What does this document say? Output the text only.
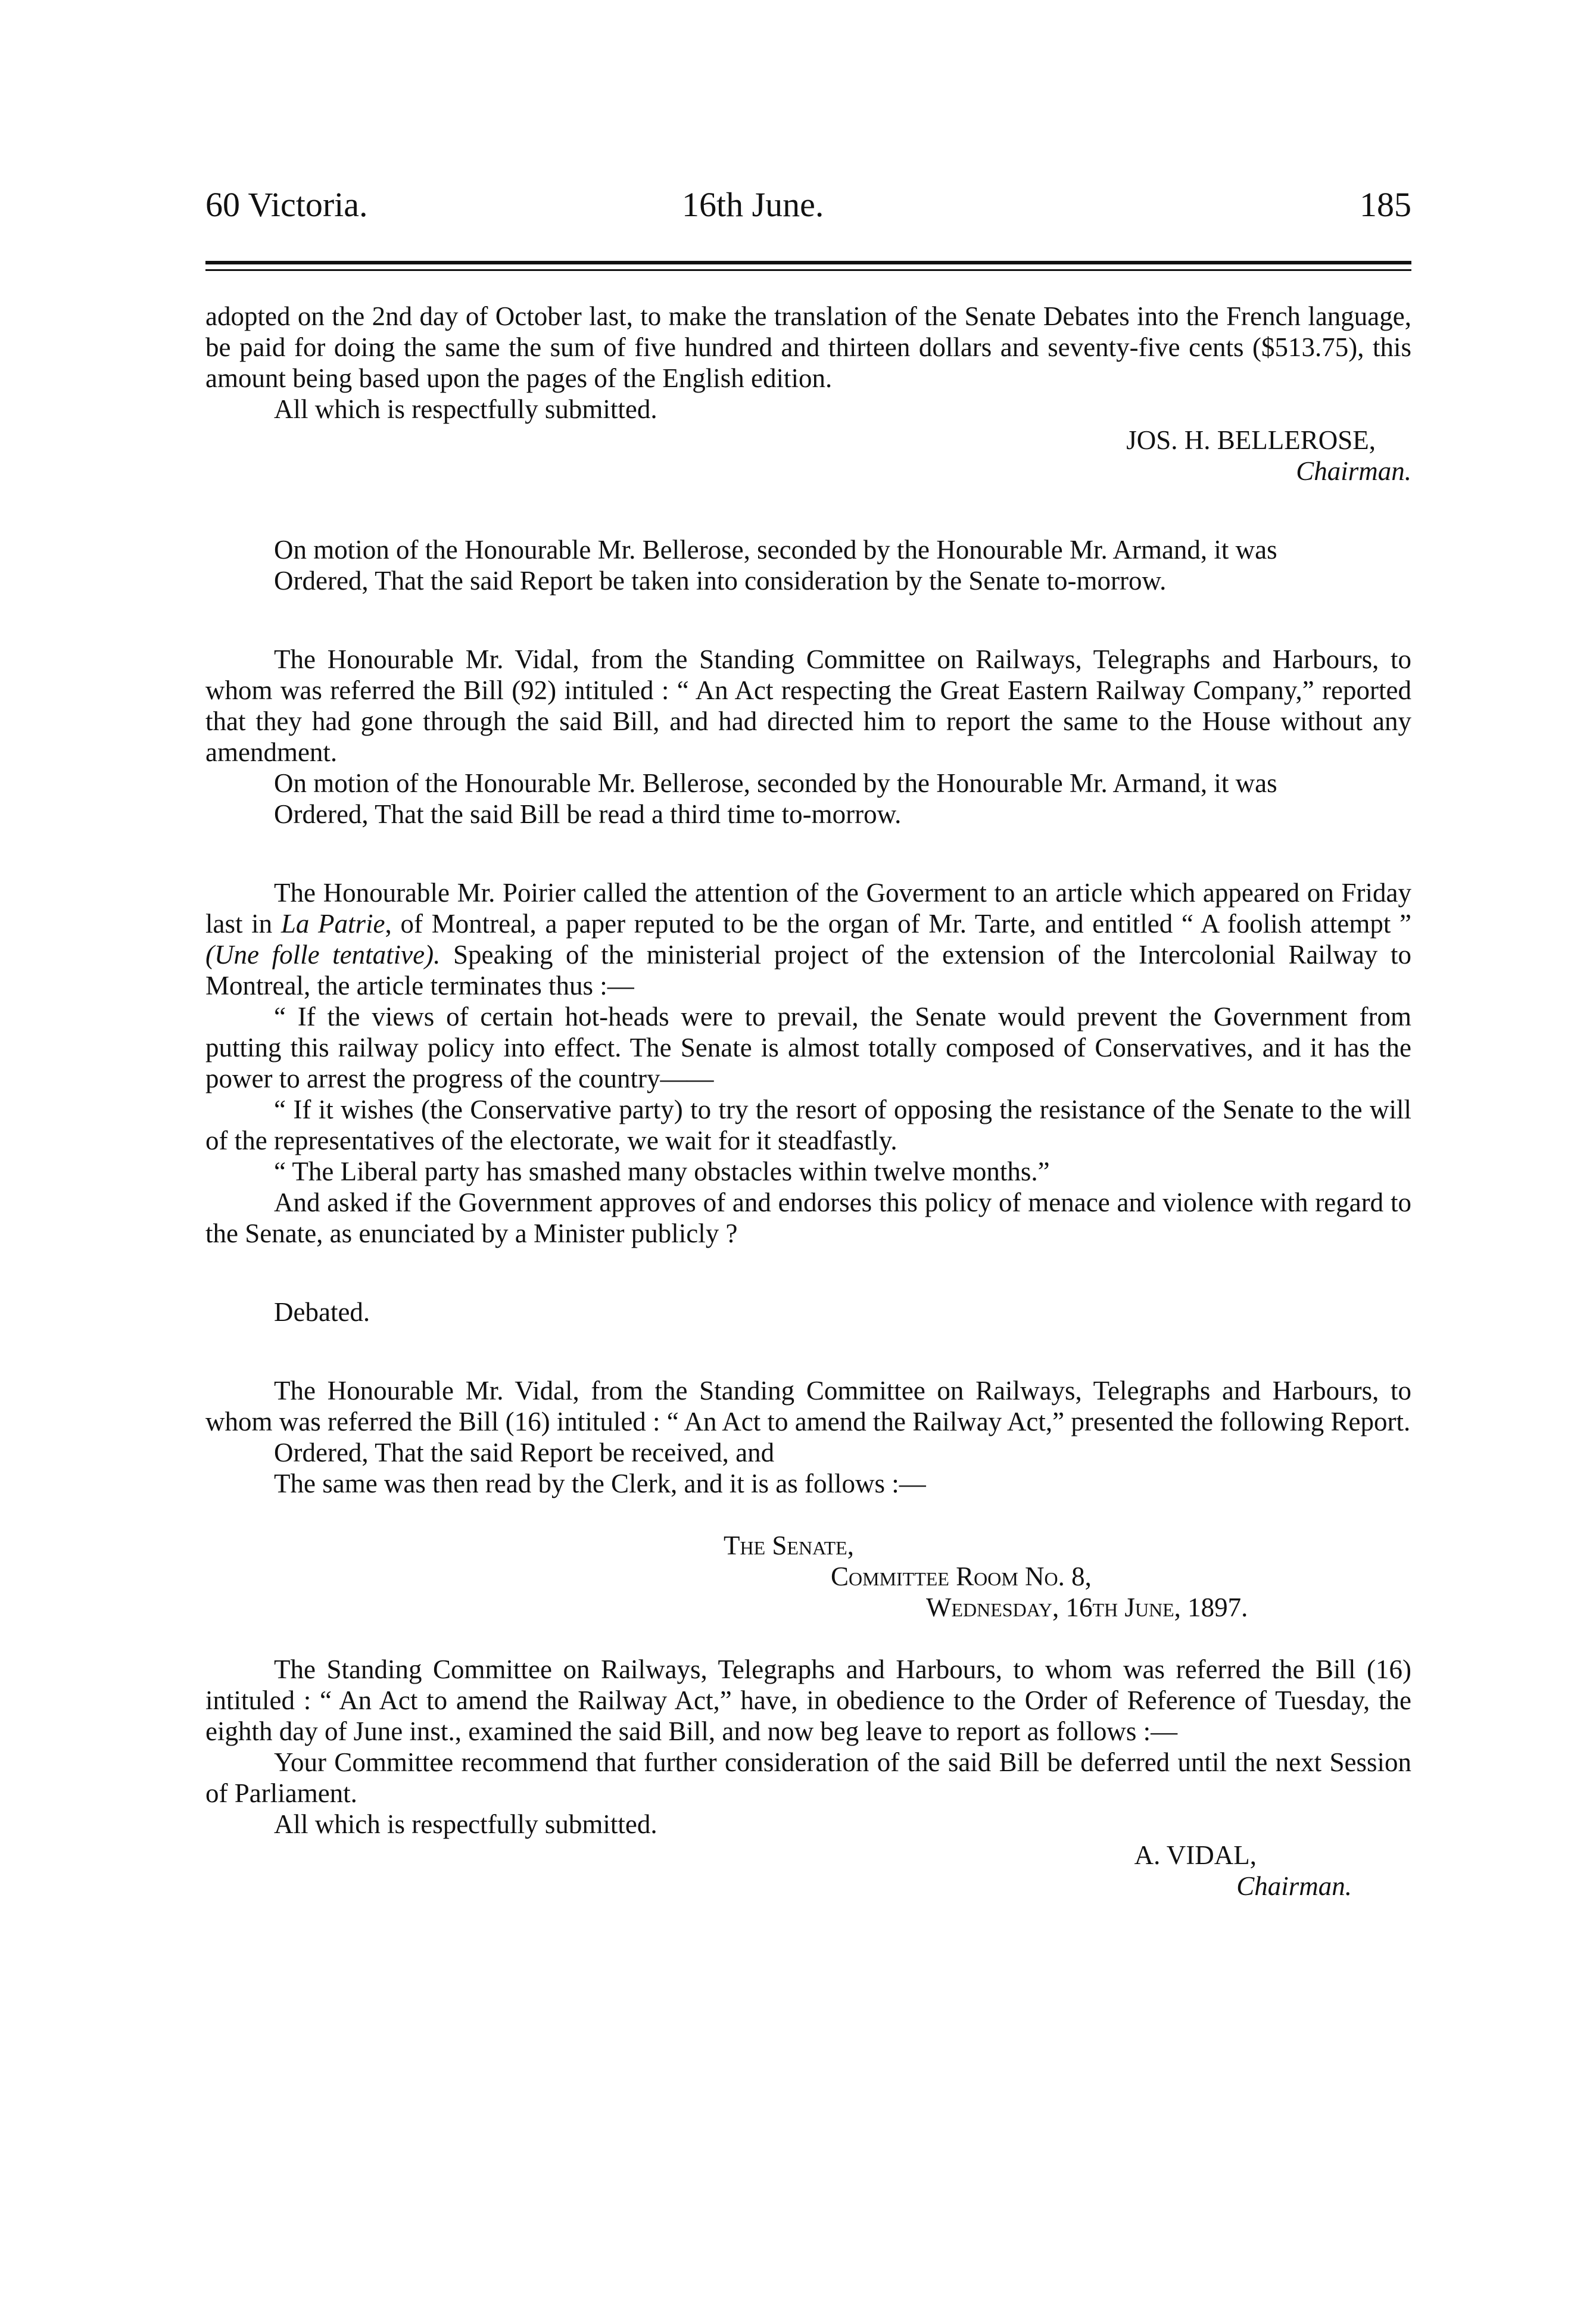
60 Victoria.	16th June.	185

adopted on the 2nd day of October last, to make the translation of the Senate Debates into the French language, be paid for doing the same the sum of five hundred and thirteen dollars and seventy-five cents ($513.75), this amount being based upon the pages of the English edition.

All which is respectfully submitted.

JOS. H. BELLEROSE,

Chairman.

On motion of the Honourable Mr. Bellerose, seconded by the Honourable Mr. Armand, it was

Ordered, That the said Report be taken into consideration by the Senate to-morrow.

The Honourable Mr. Vidal, from the Standing Committee on Railways, Telegraphs and Harbours, to whom was referred the Bill (92) intituled : “ An Act respecting the Great Eastern Railway Company,” reported that they had gone through the said Bill, and had directed him to report the same to the House without any amendment.

On motion of the Honourable Mr. Bellerose, seconded by the Honourable Mr. Armand, it was

Ordered, That the said Bill be read a third time to-morrow.

The Honourable Mr. Poirier called the attention of the Goverment to an article which appeared on Friday last in La Patrie, of Montreal, a paper reputed to be the organ of Mr. Tarte, and entitled “ A foolish attempt ” (Une folle tentative). Speaking of the ministerial project of the extension of the Intercolonial Railway to Montreal, the article terminates thus :—

“ If the views of certain hot-heads were to prevail, the Senate would prevent the Government from putting this railway policy into effect. The Senate is almost totally composed of Conservatives, and it has the power to arrest the progress of the country——

“ If it wishes (the Conservative party) to try the resort of opposing the resistance of the Senate to the will of the representatives of the electorate, we wait for it steadfastly.

“ The Liberal party has smashed many obstacles within twelve months.”

And asked if the Government approves of and endorses this policy of menace and violence with regard to the Senate, as enunciated by a Minister publicly ?

Debated.

The Honourable Mr. Vidal, from the Standing Committee on Railways, Telegraphs and Harbours, to whom was referred the Bill (16) intituled : “ An Act to amend the Railway Act,” presented the following Report.

Ordered, That the said Report be received, and

The same was then read by the Clerk, and it is as follows :—

The Senate,

Committee Room No. 8,

Wednesday, 16th June, 1897.

The Standing Committee on Railways, Telegraphs and Harbours, to whom was referred the Bill (16) intituled : “ An Act to amend the Railway Act,” have, in obedience to the Order of Reference of Tuesday, the eighth day of June inst., examined the said Bill, and now beg leave to report as follows :—

Your Committee recommend that further consideration of the said Bill be deferred until the next Session of Parliament.

All which is respectfully submitted.

A. VIDAL,

Chairman.
